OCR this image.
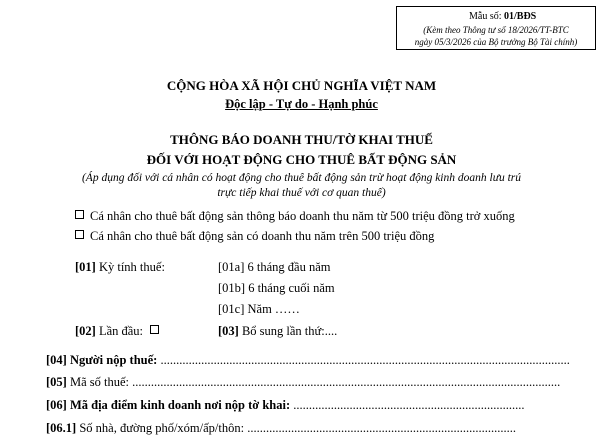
Mẫu số: 01/BĐS
(Kèm theo Thông tư số 18/2026/TT-BTC
ngày 05/3/2026 của Bộ trưởng Bộ Tài chính)
CỘNG HÒA XÃ HỘI CHỦ NGHĨA VIỆT NAM
Độc lập - Tự do - Hạnh phúc
THÔNG BÁO DOANH THU/TỜ KHAI THUẾ
ĐỐI VỚI HOẠT ĐỘNG CHO THUÊ BẤT ĐỘNG SẢN
(Áp dụng đối với cá nhân có hoạt động cho thuê bất động sản trừ hoạt động kinh doanh lưu trú
trực tiếp khai thuế với cơ quan thuế)
Cá nhân cho thuê bất động sản thông báo doanh thu năm từ 500 triệu đồng trở xuống
Cá nhân cho thuê bất động sản có doanh thu năm trên 500 triệu đồng
[01] Kỳ tính thuế:	[01a] 6 tháng đầu năm
[01b] 6 tháng cuối năm
[01c] Năm ……
[02] Lần đầu:	[03] Bổ sung lần thứ:....
[04] Người nộp thuế: ...................................................................................................................................
[05] Mã số thuế: .........................................................................................................................................
[06] Mã địa điểm kinh doanh nơi nộp tờ khai: ..........................................................................
[06.1] Số nhà, đường phố/xóm/ấp/thôn: ......................................................................................
